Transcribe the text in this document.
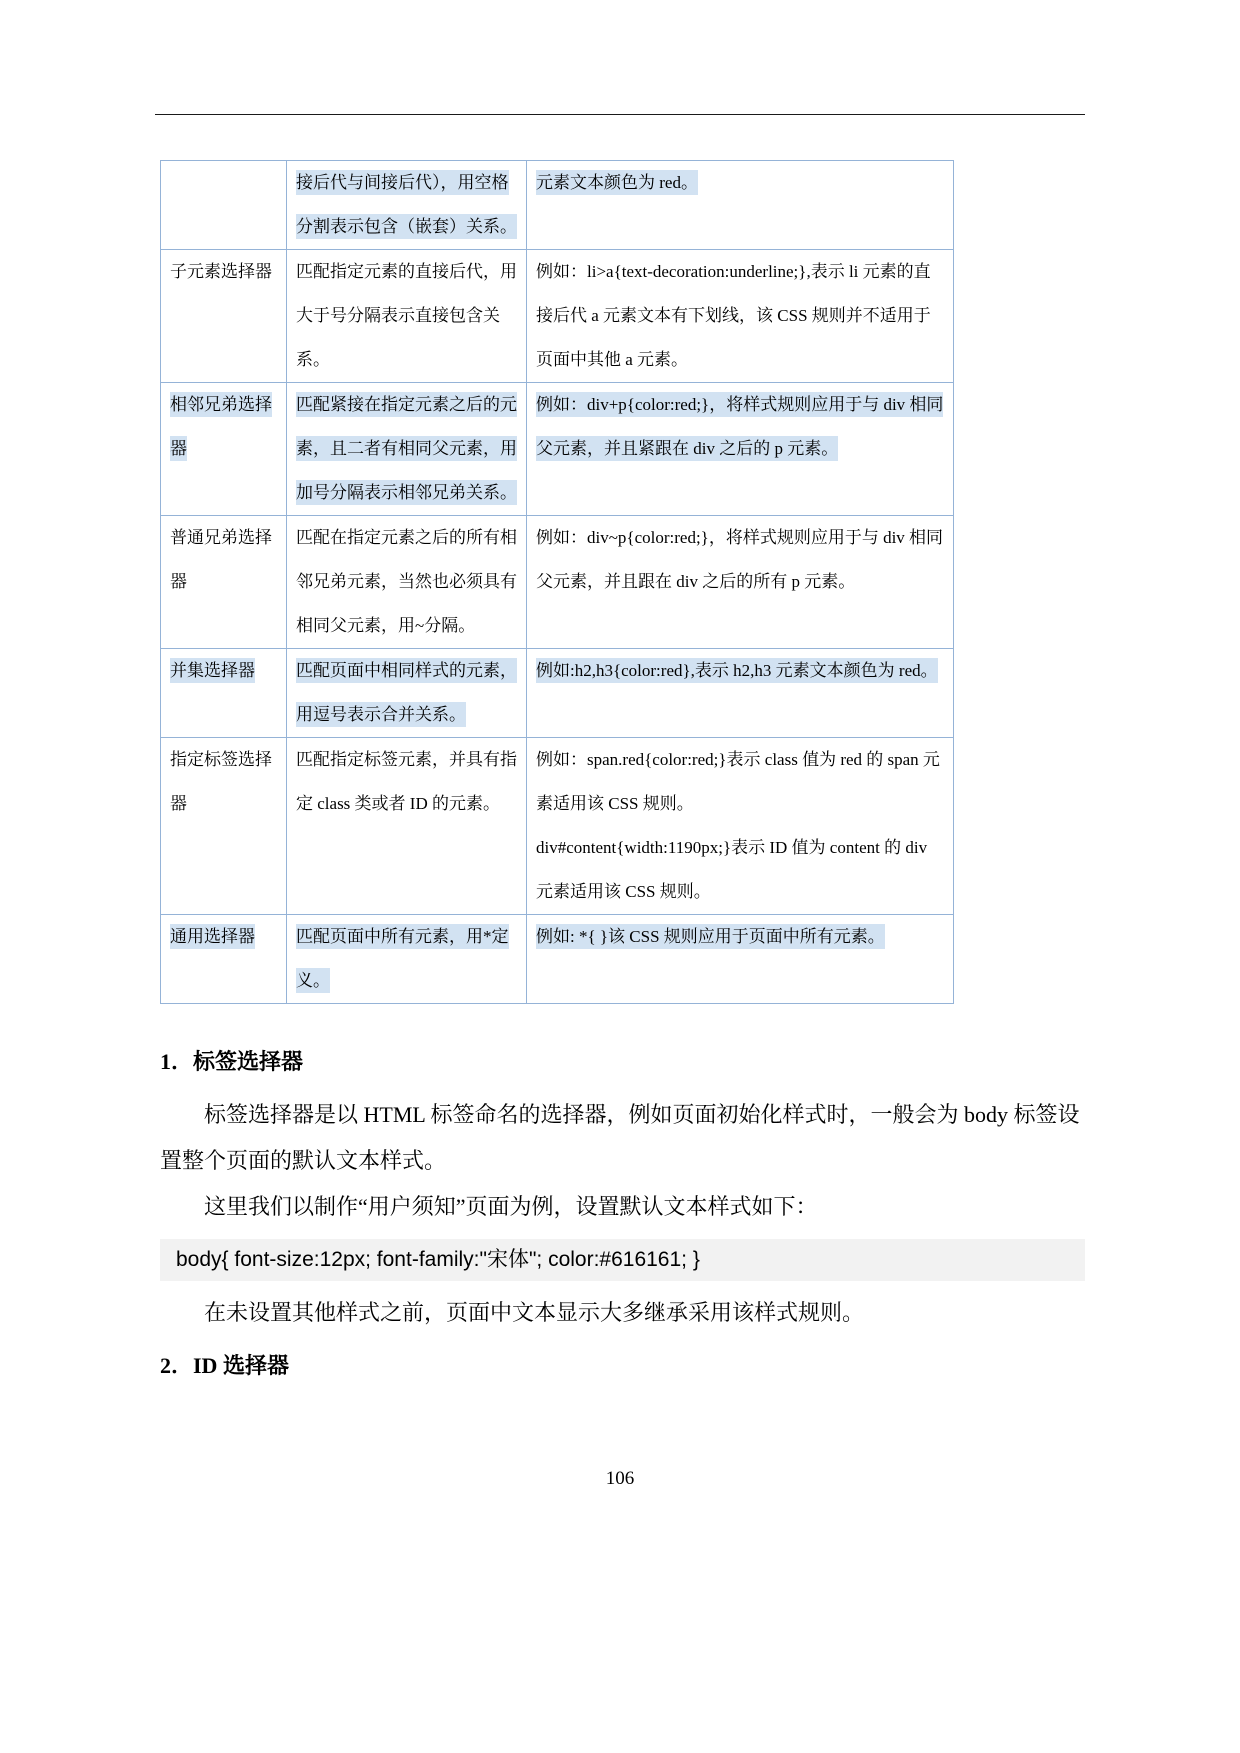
	接后代与间接后代），用空格分割表示包含（嵌套）关系。	元素文本颜色为 red。
子元素选择器	匹配指定元素的直接后代，用大于号分隔表示直接包含关系。	例如：li>a{text-decoration:underline;},表示 li 元素的直接后代 a 元素文本有下划线，该 CSS 规则并不适用于页面中其他 a 元素。
相邻兄弟选择器	匹配紧接在指定元素之后的元素，且二者有相同父元素，用加号分隔表示相邻兄弟关系。	例如：div+p{color:red;}，将样式规则应用于与 div 相同父元素，并且紧跟在 div 之后的 p 元素。
普通兄弟选择器	匹配在指定元素之后的所有相邻兄弟元素，当然也必须具有相同父元素，用~分隔。	例如：div~p{color:red;}，将样式规则应用于与 div 相同父元素，并且跟在 div 之后的所有 p 元素。
并集选择器	匹配页面中相同样式的元素，用逗号表示合并关系。	例如:h2,h3{color:red},表示 h2,h3 元素文本颜色为 red。
指定标签选择器	匹配指定标签元素，并具有指定 class 类或者 ID 的元素。	例如：span.red{color:red;}表示 class 值为 red 的 span 元素适用该 CSS 规则。
div#content{width:1190px;}表示 ID 值为 content 的 div 元素适用该 CSS 规则。

通用选择器	匹配页面中所有元素，用*定义。	例如: *{ }该 CSS 规则应用于页面中所有元素。
1．标签选择器

标签选择器是以 HTML 标签命名的选择器，例如页面初始化样式时，一般会为 body 标签设置整个页面的默认文本样式。

这里我们以制作“用户须知”页面为例，设置默认文本样式如下：

body{ font-size:12px; font-family:"宋体"; color:#616161; }

在未设置其他样式之前，页面中文本显示大多继承采用该样式规则。

2．ID 选择器
106
